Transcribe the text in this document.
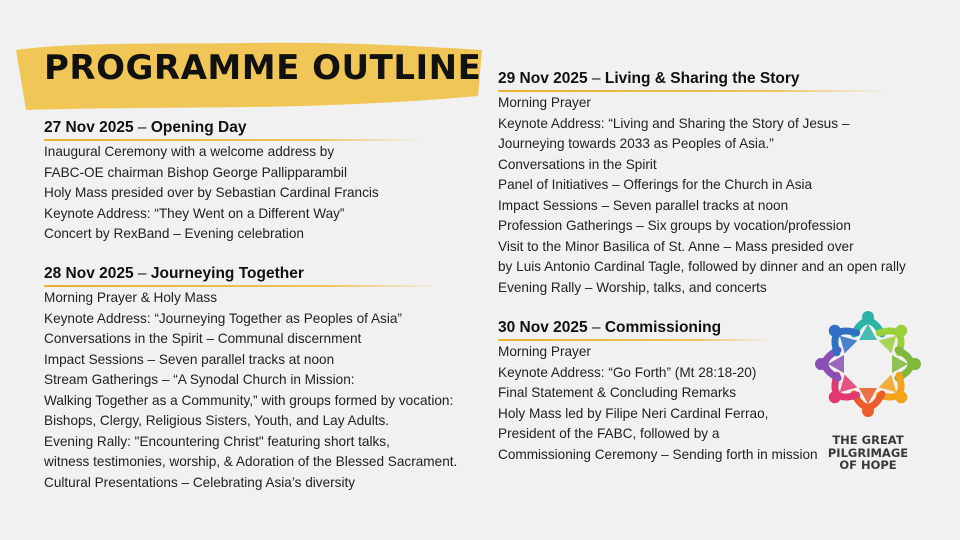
PROGRAMME OUTLINE
27 Nov 2025 – Opening Day
Inaugural Ceremony with a welcome address by
FABC-OE chairman Bishop George Pallipparambil
Holy Mass presided over by Sebastian Cardinal Francis
Keynote Address: “They Went on a Different Way”
Concert by RexBand – Evening celebration
28 Nov 2025 – Journeying Together
Morning Prayer & Holy Mass
Keynote Address: “Journeying Together as Peoples of Asia”
Conversations in the Spirit – Communal discernment
Impact Sessions – Seven parallel tracks at noon
Stream Gatherings – “A Synodal Church in Mission:
Walking Together as a Community,” with groups formed by vocation:
Bishops, Clergy, Religious Sisters, Youth, and Lay Adults.
Evening Rally: "Encountering Christ" featuring short talks,
witness testimonies, worship, & Adoration of the Blessed Sacrament.
Cultural Presentations – Celebrating Asia’s diversity
29 Nov 2025 – Living & Sharing the Story
Morning Prayer
Keynote Address: “Living and Sharing the Story of Jesus –
Journeying towards 2033 as Peoples of Asia.”
Conversations in the Spirit
Panel of Initiatives – Offerings for the Church in Asia
Impact Sessions – Seven parallel tracks at noon
Profession Gatherings – Six groups by vocation/profession
Visit to the Minor Basilica of St. Anne – Mass presided over
by Luis Antonio Cardinal Tagle, followed by dinner and an open rally
Evening Rally – Worship, talks, and concerts
30 Nov 2025 – Commissioning
Morning Prayer
Keynote Address: “Go Forth” (Mt 28:18-20)
Final Statement & Concluding Remarks
Holy Mass led by Filipe Neri Cardinal Ferrao,
President of the FABC, followed by a
Commissioning Ceremony – Sending forth in mission
THE GREAT
PILGRIMAGE
OF HOPE
